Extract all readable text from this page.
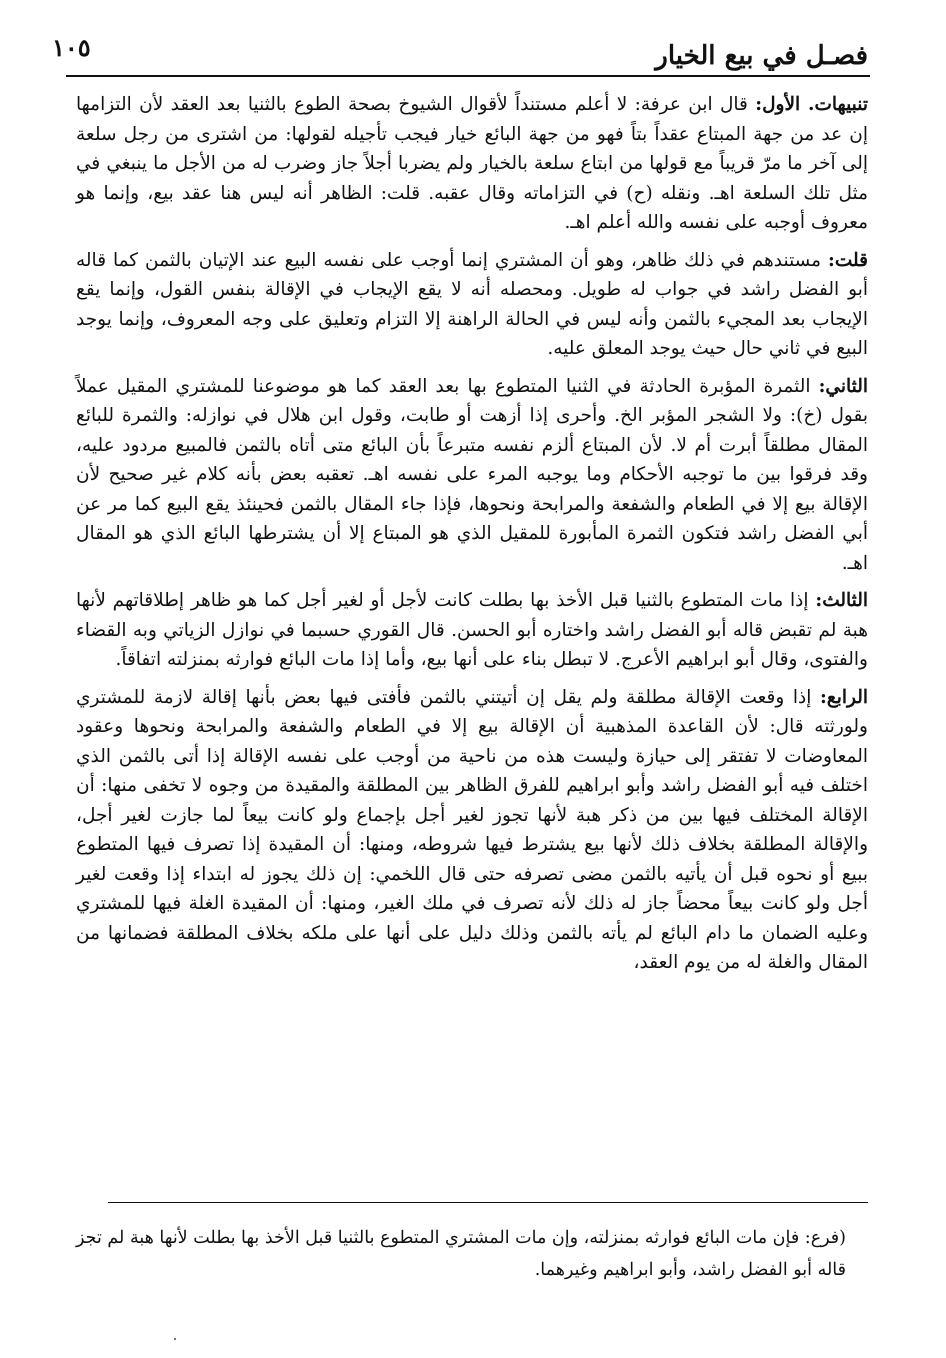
فصـل في بيع الخيار
١٠٥

تنبيهات. الأول: قال ابن عرفة: لا أعلم مستنداً لأقوال الشيوخ بصحة الطوع بالثنيا بعد العقد لأن التزامها إن عد من جهة المبتاع عقداً بتاً فهو من جهة البائع خيار فيجب تأجيله لقولها: من اشترى من رجل سلعة إلى آخر ما مرّ قريباً مع قولها من ابتاع سلعة بالخيار ولم يضربا أجلاً جاز وضرب له من الأجل ما ينبغي في مثل تلك السلعة اهـ. ونقله (ح) في التزاماته وقال عقبه. قلت: الظاهر أنه ليس هنا عقد بيع، وإنما هو معروف أوجبه على نفسه والله أعلم اهـ.

قلت: مستندهم في ذلك ظاهر، وهو أن المشتري إنما أوجب على نفسه البيع عند الإتيان بالثمن كما قاله أبو الفضل راشد في جواب له طويل. ومحصله أنه لا يقع الإيجاب في الإقالة بنفس القول، وإنما يقع الإيجاب بعد المجيء بالثمن وأنه ليس في الحالة الراهنة إلا التزام وتعليق على وجه المعروف، وإنما يوجد البيع في ثاني حال حيث يوجد المعلق عليه.

الثاني: الثمرة المؤبرة الحادثة في الثنيا المتطوع بها بعد العقد كما هو موضوعنا للمشتري المقيل عملاً بقول (خ): ولا الشجر المؤبر الخ. وأحرى إذا أزهت أو طابت، وقول ابن هلال في نوازله: والثمرة للبائع المقال مطلقاً أبرت أم لا. لأن المبتاع ألزم نفسه متبرعاً بأن البائع متى أتاه بالثمن فالمبيع مردود عليه، وقد فرقوا بين ما توجبه الأحكام وما يوجبه المرء على نفسه اهـ. تعقبه بعض بأنه كلام غير صحيح لأن الإقالة بيع إلا في الطعام والشفعة والمرابحة ونحوها، فإذا جاء المقال بالثمن فحينئذ يقع البيع كما مر عن أبي الفضل راشد فتكون الثمرة المأبورة للمقيل الذي هو المبتاع إلا أن يشترطها البائع الذي هو المقال اهـ.

الثالث: إذا مات المتطوع بالثنيا قبل الأخذ بها بطلت كانت لأجل أو لغير أجل كما هو ظاهر إطلاقاتهم لأنها هبة لم تقبض قاله أبو الفضل راشد واختاره أبو الحسن. قال القوري حسبما في نوازل الزياتي وبه القضاء والفتوى، وقال أبو ابراهيم الأعرج. لا تبطل بناء على أنها بيع، وأما إذا مات البائع فوارثه بمنزلته اتفاقاً.

الرابع: إذا وقعت الإقالة مطلقة ولم يقل إن أتيتني بالثمن فأفتى فيها بعض بأنها إقالة لازمة للمشتري ولورثته قال: لأن القاعدة المذهبية أن الإقالة بيع إلا في الطعام والشفعة والمرابحة ونحوها وعقود المعاوضات لا تفتقر إلى حيازة وليست هذه من ناحية من أوجب على نفسه الإقالة إذا أتى بالثمن الذي اختلف فيه أبو الفضل راشد وأبو ابراهيم للفرق الظاهر بين المطلقة والمقيدة من وجوه لا تخفى منها: أن الإقالة المختلف فيها بين من ذكر هبة لأنها تجوز لغير أجل بإجماع ولو كانت بيعاً لما جازت لغير أجل، والإقالة المطلقة بخلاف ذلك لأنها بيع يشترط فيها شروطه، ومنها: أن المقيدة إذا تصرف فيها المتطوع ببيع أو نحوه قبل أن يأتيه بالثمن مضى تصرفه حتى قال اللخمي: إن ذلك يجوز له ابتداء إذا وقعت لغير أجل ولو كانت بيعاً محضاً جاز له ذلك لأنه تصرف في ملك الغير، ومنها: أن المقيدة الغلة فيها للمشتري وعليه الضمان ما دام البائع لم يأته بالثمن وذلك دليل على أنها على ملكه بخلاف المطلقة فضمانها من المقال والغلة له من يوم العقد،

(فرع: فإن مات البائع فوارثه بمنزلته، وإن مات المشتري المتطوع بالثنيا قبل الأخذ بها بطلت لأنها هبة لم تجز قاله أبو الفضل راشد، وأبو ابراهيم وغيرهما.
